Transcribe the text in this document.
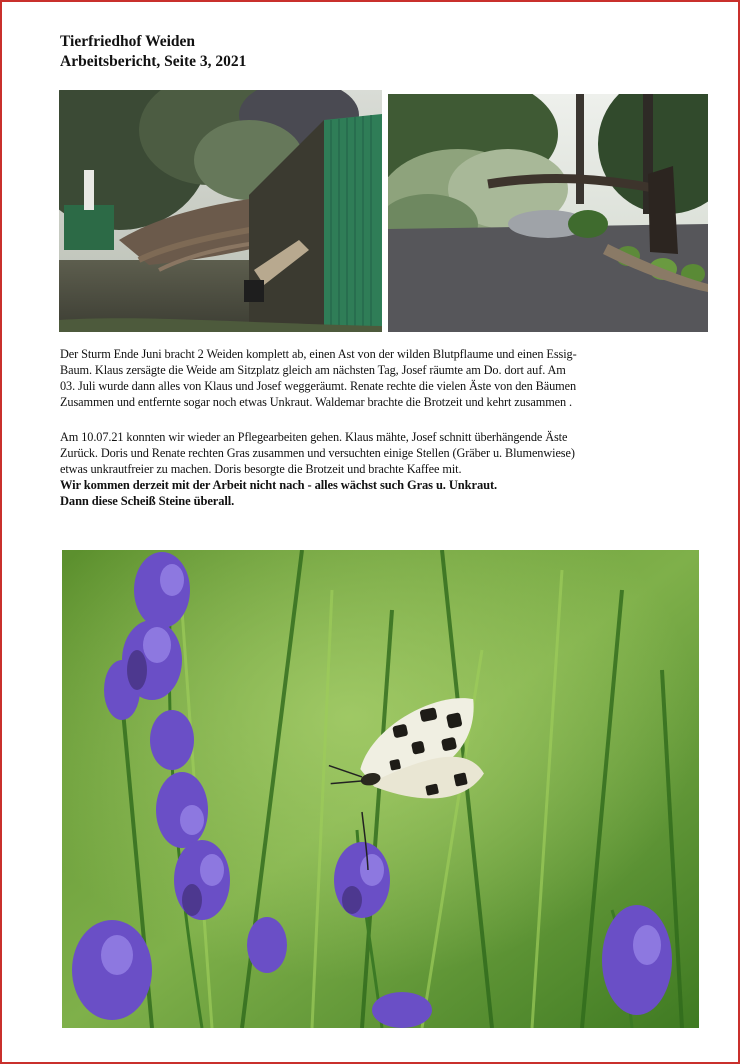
Tierfriedhof Weiden
Arbeitsbericht, Seite 3, 2021
Der Sturm Ende Juni bracht 2 Weiden komplett ab, einen Ast von der wilden Blutpflaume und einen Essig-
Baum. Klaus zersägte die Weide am Sitzplatz gleich am nächsten Tag, Josef räumte am Do. dort auf. Am
03. Juli wurde dann alles von Klaus und Josef weggeräumt. Renate rechte die vielen Äste von den Bäumen
Zusammen und entfernte sogar noch etwas Unkraut. Waldemar brachte die Brotzeit und kehrt zusammen .
Am 10.07.21 konnten wir wieder an Pflegearbeiten gehen. Klaus mähte, Josef schnitt überhängende Äste
Zurück. Doris und Renate rechten Gras zusammen und versuchten einige Stellen (Gräber u. Blumenwiese)
etwas unkrautfreier zu machen. Doris besorgte die Brotzeit und brachte Kaffee mit.
Wir kommen derzeit mit der Arbeit nicht nach - alles wächst such Gras u. Unkraut.
Dann diese Scheiß Steine überall.
